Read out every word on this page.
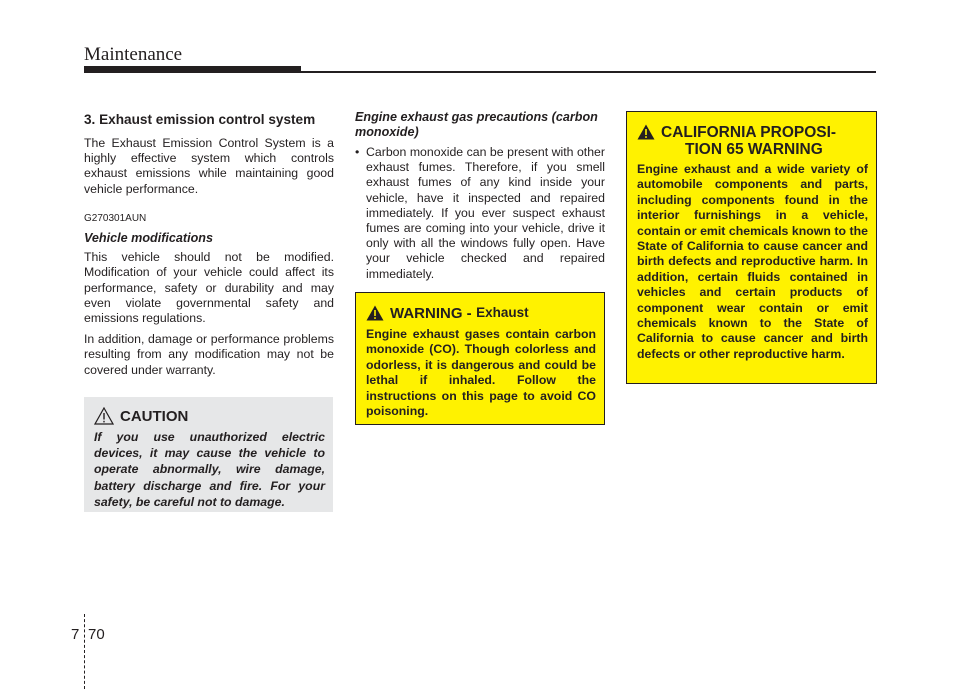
Maintenance
3. Exhaust emission control system

The Exhaust Emission Control System is a highly effective system which controls exhaust emissions while maintaining good vehicle performance.

G270301AUN
Vehicle modifications

This vehicle should not be modified. Modification of your vehicle could affect its performance, safety or durability and may even violate governmental safety and emissions regulations.

In addition, damage or performance problems resulting from any modification may not be covered under warranty.

CAUTION
If you use unauthorized electric devices, it may cause the vehicle to operate abnormally, wire damage, battery discharge and fire. For your safety, be careful not to damage.
Engine exhaust gas precautions (carbon monoxide)
• Carbon monoxide can be present with other exhaust fumes. Therefore, if you smell exhaust fumes of any kind inside your vehicle, have it inspected and repaired immediately. If you ever suspect exhaust fumes are coming into your vehicle, drive it only with all the windows fully open. Have your vehicle checked and repaired immediately.
WARNING -
Exhaust
Engine exhaust gases contain carbon monoxide (CO). Though colorless and odorless, it is dangerous and could be lethal if inhaled. Follow the instructions on this page to avoid CO poisoning.
CALIFORNIA PROPOSI-
TION 65 WARNING
Engine exhaust and a wide variety of automobile components and parts, including components found in the interior furnishings in a vehicle, contain or emit chemicals known to the State of California to cause cancer and birth defects and reproductive harm. In addition, certain fluids contained in vehicles and certain products of component wear contain or emit chemicals known to the State of California to cause cancer and birth defects or other reproductive harm.
7 70
